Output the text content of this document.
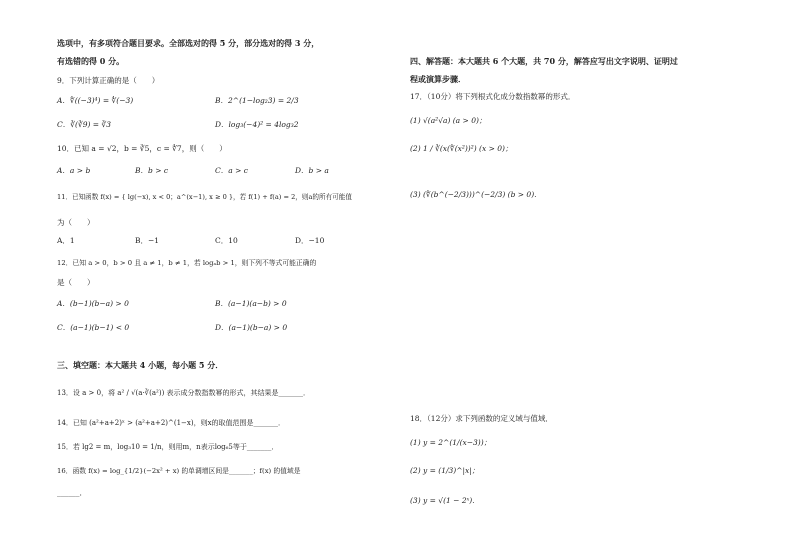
选项中，有多项符合题目要求。全部选对的得 5 分，部分选对的得 3 分，
有选错的得 0 分。
9．下列计算正确的是（　　）
A．∜((−3)⁴) = ∜(−3)	B．2^(1−log₂3) = 2/3
C．∛(∛9) = ∛3	D．log₃(−4)² = 4log₃2
10．已知 a = √2，b = ∛5，c = ∜7，则（　　）
A．a > b	B．b > c	C．a > c	D．b > a
11．已知函数 f(x) = { lg(−x), x < 0；a^(x−1), x ≥ 0 }，若 f(1) + f(a) = 2，则a的所有可能值
为（　　）
A．1	B．−1	C．10	D．−10
12．已知 a > 0，b > 0 且 a ≠ 1，b ≠ 1，若 logₐb > 1，则下列不等式可能正确的
是（　　）
A．(b−1)(b−a) > 0	B．(a−1)(a−b) > 0
C．(a−1)(b−1) < 0	D．(a−1)(b−a) > 0
三、填空题：本大题共 4 小题，每小题 5 分．
13．设 a > 0，将 a² / √(a·∛(a²)) 表示成分数指数幂的形式，其结果是_______．
14．已知 (a²+a+2)ˣ > (a²+a+2)^(1−x)，则x的取值范围是_______．
15．若 lg2 = m，log₃10 = 1/n，则用m，n表示log₆5等于_______．
16．函数 f(x) = log_{1/2}(−2x² + x) 的单调增区间是_______；f(x) 的值域是
______．
四、解答题：本大题共 6 个大题，共 70 分，解答应写出文字说明、证明过
程或演算步骤．
17．（10分）将下列根式化成分数指数幂的形式．
(1) √(a²√a) (a > 0)；
(2) 1 / ∛(x(∜(x²))²) (x > 0)；
(3) (∜(b^(−2/3)))^(−2/3) (b > 0)．
18．（12分）求下列函数的定义域与值域．
(1) y = 2^(1/(x−3))；
(2) y = (1/3)^|x|；
(3) y = √(1 − 2ˣ)．
